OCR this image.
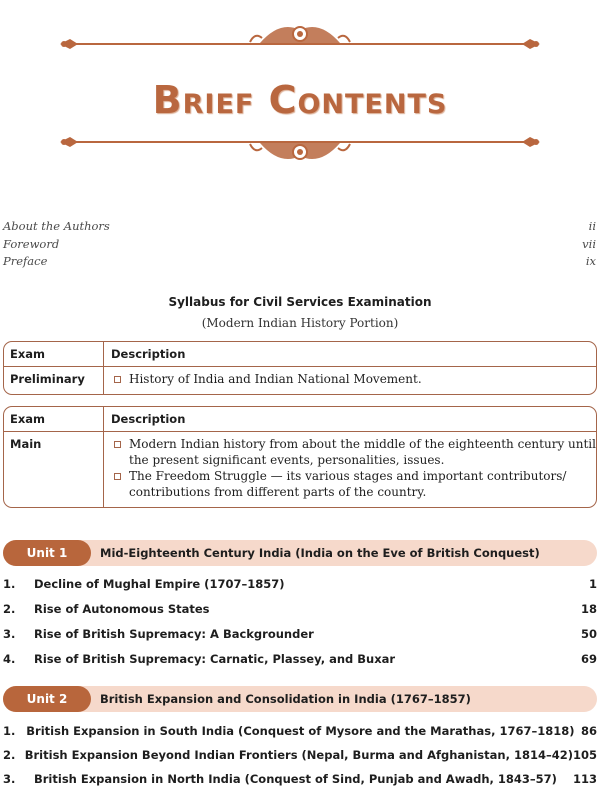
Brief Contents
About the Authors	ii
Foreword	vii
Preface	ix
Syllabus for Civil Services Examination
(Modern Indian History Portion)
Exam	Description
Preliminary	History of India and Indian National Movement.
Exam	Description
Main	Modern Indian history from about the middle of the eighteenth century until the present significant events, personalities, issues.
The Freedom Struggle — its various stages and important contributors/ contributions from different parts of the country.
Unit 1	Mid-Eighteenth Century India (India on the Eve of British Conquest)
1.	Decline of Mughal Empire (1707–1857)	1
2.	Rise of Autonomous States	18
3.	Rise of British Supremacy: A Backgrounder	50
4.	Rise of British Supremacy: Carnatic, Plassey, and Buxar	69
Unit 2	British Expansion and Consolidation in India (1767–1857)
1. British Expansion in South India (Conquest of Mysore and the Marathas, 1767–1818) 86
2. British Expansion Beyond Indian Frontiers (Nepal, Burma and Afghanistan, 1814–42) 105
3.	British Expansion in North India (Conquest of Sind, Punjab and Awadh, 1843–57)	113
